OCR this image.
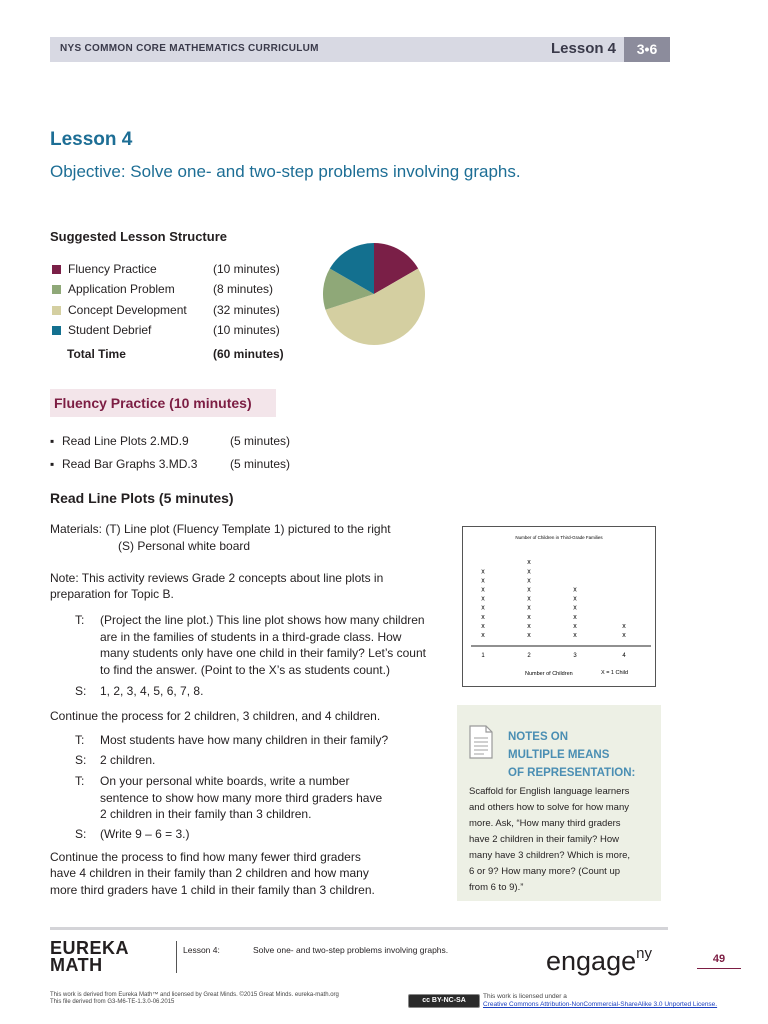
NYS COMMON CORE MATHEMATICS CURRICULUM	Lesson 4	3•6
Lesson 4
Objective: Solve one- and two-step problems involving graphs.
Suggested Lesson Structure
Fluency Practice	(10 minutes)
Application Problem	(8 minutes)
Concept Development (32 minutes)
Student Debrief	(10 minutes)
Total Time	(60 minutes)
Fluency Practice (10 minutes)
▪ Read Line Plots 2.MD.9	(5 minutes)
▪ Read Bar Graphs 3.MD.3	(5 minutes)
Read Line Plots (5 minutes)
Materials: (T) Line plot (Fluency Template 1) pictured to the right
(S) Personal white board
Note: This activity reviews Grade 2 concepts about line plots in
preparation for Topic B.
T: (Project the line plot.) This line plot shows how many children
are in the families of students in a third-grade class. How
many students only have one child in their family? Let’s count
to find the answer. (Point to the X’s as students count.)
S: 1, 2, 3, 4, 5, 6, 7, 8.
Continue the process for 2 children, 3 children, and 4 children.
T: Most students have how many children in their family?
S: 2 children.
T: On your personal white boards, write a number
sentence to show how many more third graders have
2 children in their family than 3 children.
S: (Write 9 – 6 = 3.)
Continue the process to find how many fewer third graders
have 4 children in their family than 2 children and how many
more third graders have 1 child in their family than 3 children.
Number of Children in Third-Grade Families
x
x
x
x
x
x
x
x
1
x
x
x
x
x
x
x
x
x
2
x
x
x
x
x
x
3
x
x
4
Number of Children	X = 1 Child
NOTES ON
MULTIPLE MEANS
OF REPRESENTATION:
Scaffold for English language learners
and others how to solve for how many
more. Ask, “How many third graders
have 2 children in their family? How
many have 3 children? Which is more,
6 or 9? How many more? (Count up
from 6 to 9).”
EUREKA
MATH
Lesson 4:	Solve one- and two-step problems involving graphs.	engage$^{ny}$	49
This work is derived from Eureka Math™ and licensed by Great Minds. ©2015 Great Minds. eureka-math.org
This file derived from G3-M6-TE-1.3.0-06.2015	cc BY-NC-SA
This work is licensed under a
Creative Commons Attribution-NonCommercial-ShareAlike 3.0 Unported License.
